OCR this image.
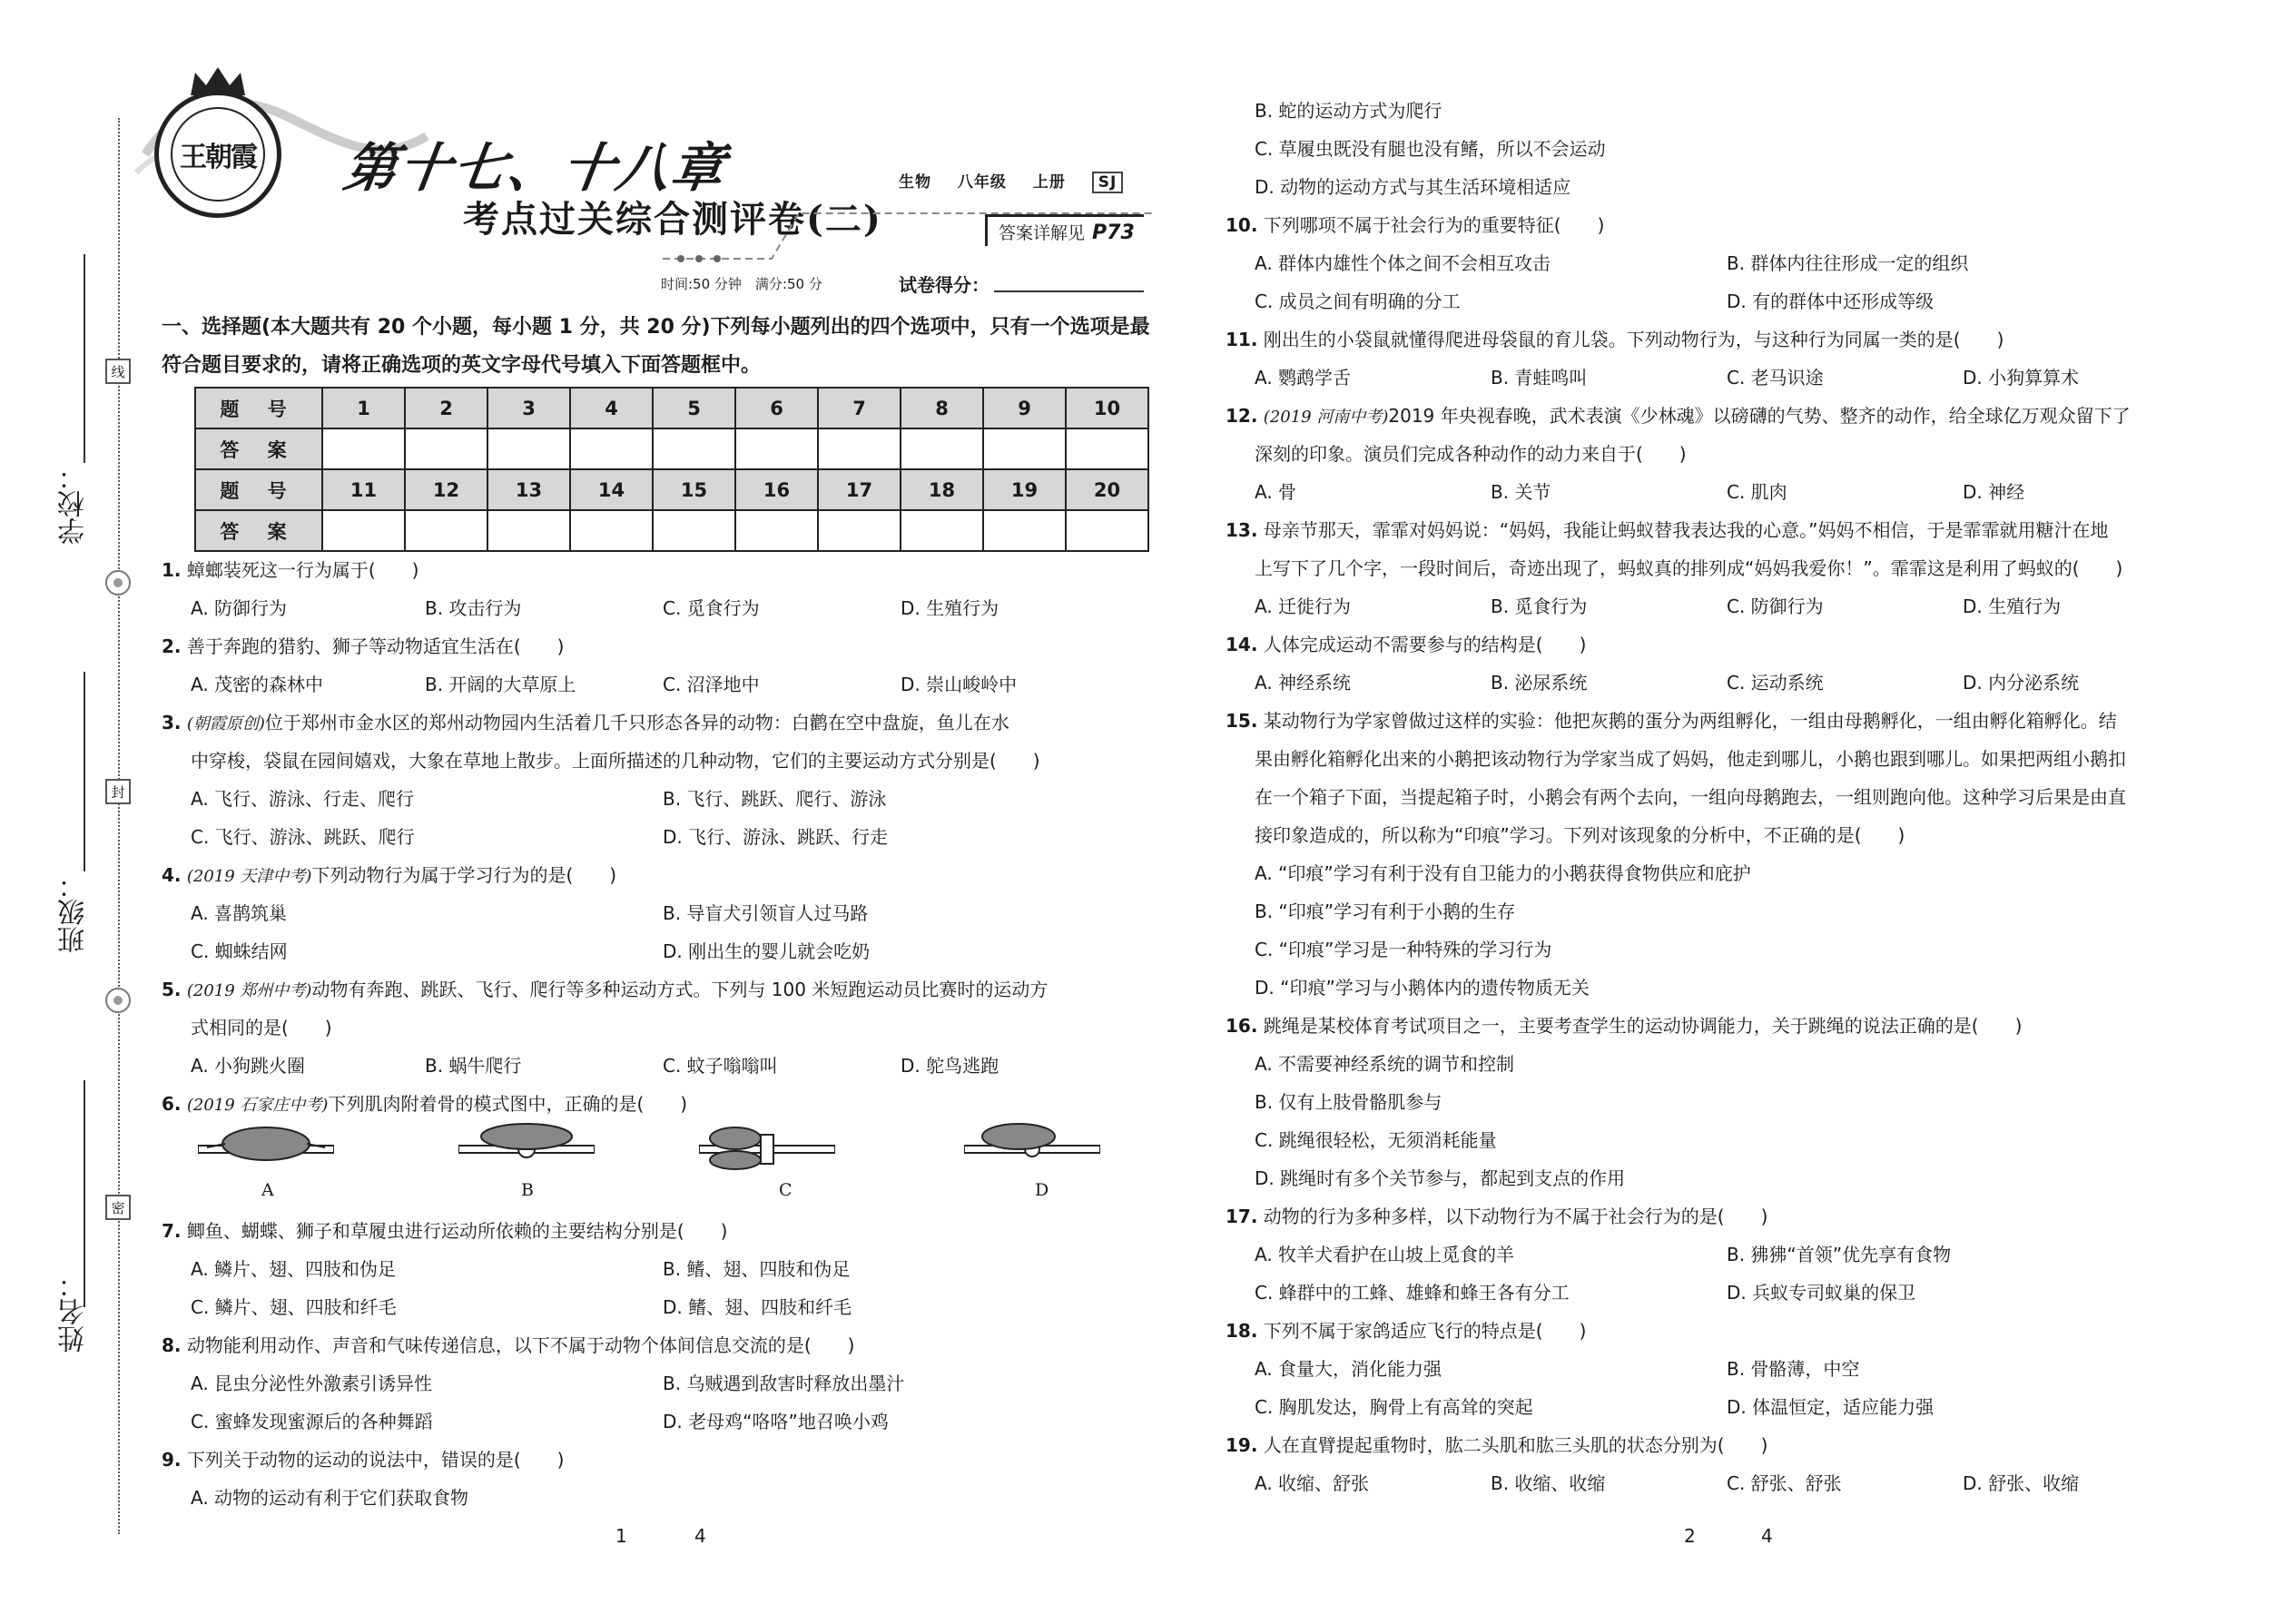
学校：
班级：
姓名：
线
封
密
王朝霞 第十七、十八章
考点过关综合测评卷(二)
生物 八年级 上册 SJ
答案详解见 P73
时间:50 分钟　满分:50 分	试卷得分：
一、选择题(本大题共有 20 个小题，每小题 1 分，共 20 分)下列每小题列出的四个选项中，只有一个选项是最符合题目要求的，请将正确选项的英文字母代号填入下面答题框中。
题 号	1	2	3	4	5	6	7	8	9	10
答 案										
题 号	11	12	13	14	15	16	17	18	19	20
答 案										
1. 蟑螂装死这一行为属于(　　)
A. 防御行为	B. 攻击行为	C. 觅食行为	D. 生殖行为
2. 善于奔跑的猎豹、狮子等动物适宜生活在(　　)
A. 茂密的森林中	B. 开阔的大草原上	C. 沼泽地中	D. 崇山峻岭中
3. (朝霞原创)位于郑州市金水区的郑州动物园内生活着几千只形态各异的动物：白鹳在空中盘旋，鱼儿在水
中穿梭，袋鼠在园间嬉戏，大象在草地上散步。上面所描述的几种动物，它们的主要运动方式分别是(　　)
A. 飞行、游泳、行走、爬行	B. 飞行、跳跃、爬行、游泳
C. 飞行、游泳、跳跃、爬行	D. 飞行、游泳、跳跃、行走
4. (2019 天津中考)下列动物行为属于学习行为的是(　　)
A. 喜鹊筑巢	B. 导盲犬引领盲人过马路
C. 蜘蛛结网	D. 刚出生的婴儿就会吃奶
5. (2019 郑州中考)动物有奔跑、跳跃、飞行、爬行等多种运动方式。下列与 100 米短跑运动员比赛时的运动方
式相同的是(　　)
A. 小狗跳火圈	B. 蜗牛爬行	C. 蚊子嗡嗡叫	D. 鸵鸟逃跑
6. (2019 石家庄中考)下列肌肉附着骨的模式图中，正确的是(　　)
A	B	C	D
7. 鲫鱼、蝴蝶、狮子和草履虫进行运动所依赖的主要结构分别是(　　)
A. 鳞片、翅、四肢和伪足	B. 鳍、翅、四肢和伪足
C. 鳞片、翅、四肢和纤毛	D. 鳍、翅、四肢和纤毛
8. 动物能利用动作、声音和气味传递信息，以下不属于动物个体间信息交流的是(　　)
A. 昆虫分泌性外激素引诱异性	B. 乌贼遇到敌害时释放出墨汁
C. 蜜蜂发现蜜源后的各种舞蹈	D. 老母鸡“咯咯”地召唤小鸡
9. 下列关于动物的运动的说法中，错误的是(　　)
A. 动物的运动有利于它们获取食物
B. 蛇的运动方式为爬行
C. 草履虫既没有腿也没有鳍，所以不会运动
D. 动物的运动方式与其生活环境相适应
10. 下列哪项不属于社会行为的重要特征(　　)
A. 群体内雄性个体之间不会相互攻击	B. 群体内往往形成一定的组织
C. 成员之间有明确的分工	D. 有的群体中还形成等级
11. 刚出生的小袋鼠就懂得爬进母袋鼠的育儿袋。下列动物行为，与这种行为同属一类的是(　　)
A. 鹦鹉学舌	B. 青蛙鸣叫	C. 老马识途	D. 小狗算算术
12. (2019 河南中考)2019 年央视春晚，武术表演《少林魂》以磅礴的气势、整齐的动作，给全球亿万观众留下了
深刻的印象。演员们完成各种动作的动力来自于(　　)
A. 骨	B. 关节	C. 肌肉	D. 神经
13. 母亲节那天，霏霏对妈妈说：“妈妈，我能让蚂蚁替我表达我的心意。”妈妈不相信，于是霏霏就用糖汁在地
上写下了几个字，一段时间后，奇迹出现了，蚂蚁真的排列成“妈妈我爱你！”。霏霏这是利用了蚂蚁的(　　)
A. 迁徙行为	B. 觅食行为	C. 防御行为	D. 生殖行为
14. 人体完成运动不需要参与的结构是(　　)
A. 神经系统	B. 泌尿系统	C. 运动系统	D. 内分泌系统
15. 某动物行为学家曾做过这样的实验：他把灰鹅的蛋分为两组孵化，一组由母鹅孵化，一组由孵化箱孵化。结
果由孵化箱孵化出来的小鹅把该动物行为学家当成了妈妈，他走到哪儿，小鹅也跟到哪儿。如果把两组小鹅扣
在一个箱子下面，当提起箱子时，小鹅会有两个去向，一组向母鹅跑去，一组则跑向他。这种学习后果是由直
接印象造成的，所以称为“印痕”学习。下列对该现象的分析中，不正确的是(　　)
A. “印痕”学习有利于没有自卫能力的小鹅获得食物供应和庇护
B. “印痕”学习有利于小鹅的生存
C. “印痕”学习是一种特殊的学习行为
D. “印痕”学习与小鹅体内的遗传物质无关
16. 跳绳是某校体育考试项目之一，主要考查学生的运动协调能力，关于跳绳的说法正确的是(　　)
A. 不需要神经系统的调节和控制
B. 仅有上肢骨骼肌参与
C. 跳绳很轻松，无须消耗能量
D. 跳绳时有多个关节参与，都起到支点的作用
17. 动物的行为多种多样，以下动物行为不属于社会行为的是(　　)
A. 牧羊犬看护在山坡上觅食的羊	B. 狒狒“首领”优先享有食物
C. 蜂群中的工蜂、雄蜂和蜂王各有分工	D. 兵蚁专司蚁巢的保卫
18. 下列不属于家鸽适应飞行的特点是(　　)
A. 食量大，消化能力强	B. 骨骼薄，中空
C. 胸肌发达，胸骨上有高耸的突起	D. 体温恒定，适应能力强
19. 人在直臂提起重物时，肱二头肌和肱三头肌的状态分别为(　　)
A. 收缩、舒张	B. 收缩、收缩	C. 舒张、舒张	D. 舒张、收缩
1	4	2	4
